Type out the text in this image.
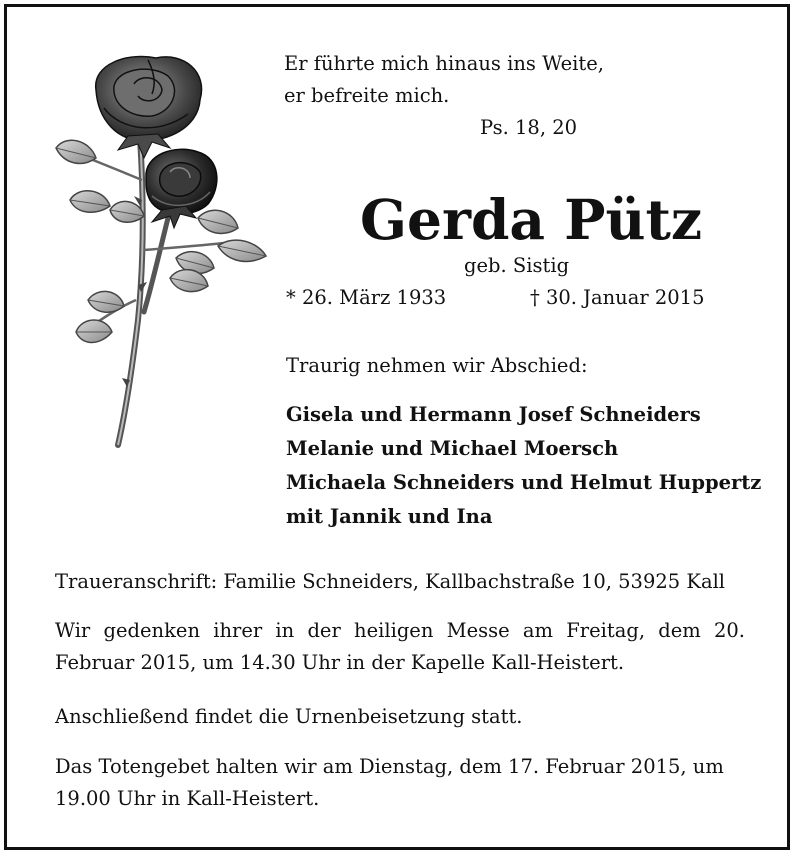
Er führte mich hinaus ins Weite,
er befreite mich.

Ps. 18, 20

Gerda Pütz

geb. Sistig

* 26. März 1933	† 30. Januar 2015

Traurig nehmen wir Abschied:

Gisela und Hermann Josef Schneiders
Melanie und Michael Moersch
Michaela Schneiders und Helmut Huppertz
mit Jannik und Ina

Traueranschrift: Familie Schneiders, Kallbachstraße 10, 53925 Kall

Wir gedenken ihrer in der heiligen Messe am Freitag, dem 20. Februar 2015, um 14.30 Uhr in der Kapelle Kall-Heistert.

Anschließend findet die Urnenbeisetzung statt.

Das Totengebet halten wir am Dienstag, dem 17. Februar 2015, um 19.00 Uhr in Kall-Heistert.
